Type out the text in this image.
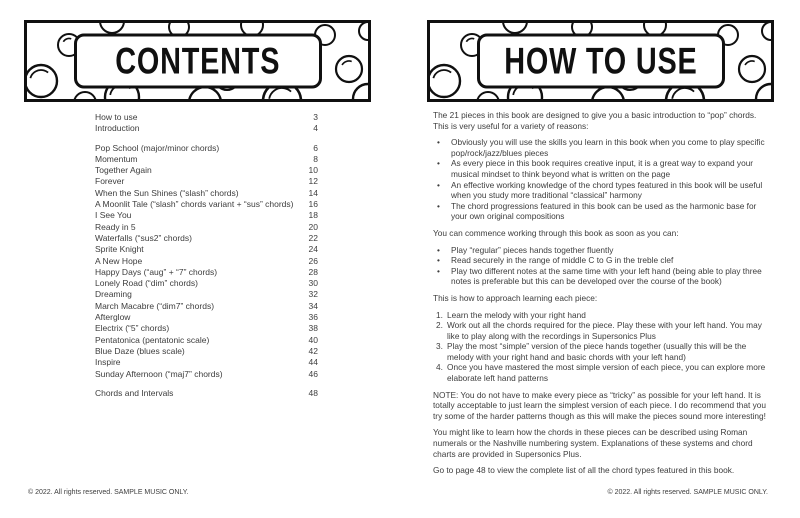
CONTENTS
How to use	3
Introduction	4
Pop School (major/minor chords)	6
Momentum	8
Together Again	10
Forever	12
When the Sun Shines (“slash” chords)	14
A Moonlit Tale (“slash” chords variant + “sus” chords) 16
I See You	18
Ready in 5	20
Waterfalls (“sus2” chords)	22
Sprite Knight	24
A New Hope	26
Happy Days (“aug” + “7” chords)	28
Lonely Road (“dim” chords)	30
Dreaming	32
March Macabre (“dim7” chords)	34
Afterglow	36
Electrix (“5” chords)	38
Pentatonica (pentatonic scale)	40
Blue Daze (blues scale)	42
Inspire	44
Sunday Afternoon (“maj7” chords)	46
Chords and Intervals	48
© 2022. All rights reserved. SAMPLE MUSIC ONLY.
HOW TO USE
The 21 pieces in this book are designed to give you a basic introduction to “pop” chords. This is very useful for a variety of reasons:
• Obviously you will use the skills you learn in this book when you come to play specific pop/rock/jazz/blues pieces
• As every piece in this book requires creative input, it is a great way to expand your musical mindset to think beyond what is written on the page
• An effective working knowledge of the chord types featured in this book will be useful when you study more traditional “classical” harmony
• The chord progressions featured in this book can be used as the harmonic base for your own original compositions
You can commence working through this book as soon as you can:
• Play “regular” pieces hands together fluently
• Read securely in the range of middle C to G in the treble clef
• Play two different notes at the same time with your left hand (being able to play three notes is preferable but this can be developed over the course of the book)
This is how to approach learning each piece:
1. Learn the melody with your right hand
2. Work out all the chords required for the piece. Play these with your left hand. You may like to play along with the recordings in Supersonics Plus
3. Play the most “simple” version of the piece hands together (usually this will be the melody with your right hand and basic chords with your left hand)
4. Once you have mastered the most simple version of each piece, you can explore more elaborate left hand patterns
NOTE: You do not have to make every piece as “tricky” as possible for your left hand. It is totally acceptable to just learn the simplest version of each piece. I do recommend that you try some of the harder patterns though as this will make the pieces sound more interesting!
You might like to learn how the chords in these pieces can be described using Roman numerals or the Nashville numbering system. Explanations of these systems and chord charts are provided in Supersonics Plus.
Go to page 48 to view the complete list of all the chord types featured in this book.
© 2022. All rights reserved. SAMPLE MUSIC ONLY.
